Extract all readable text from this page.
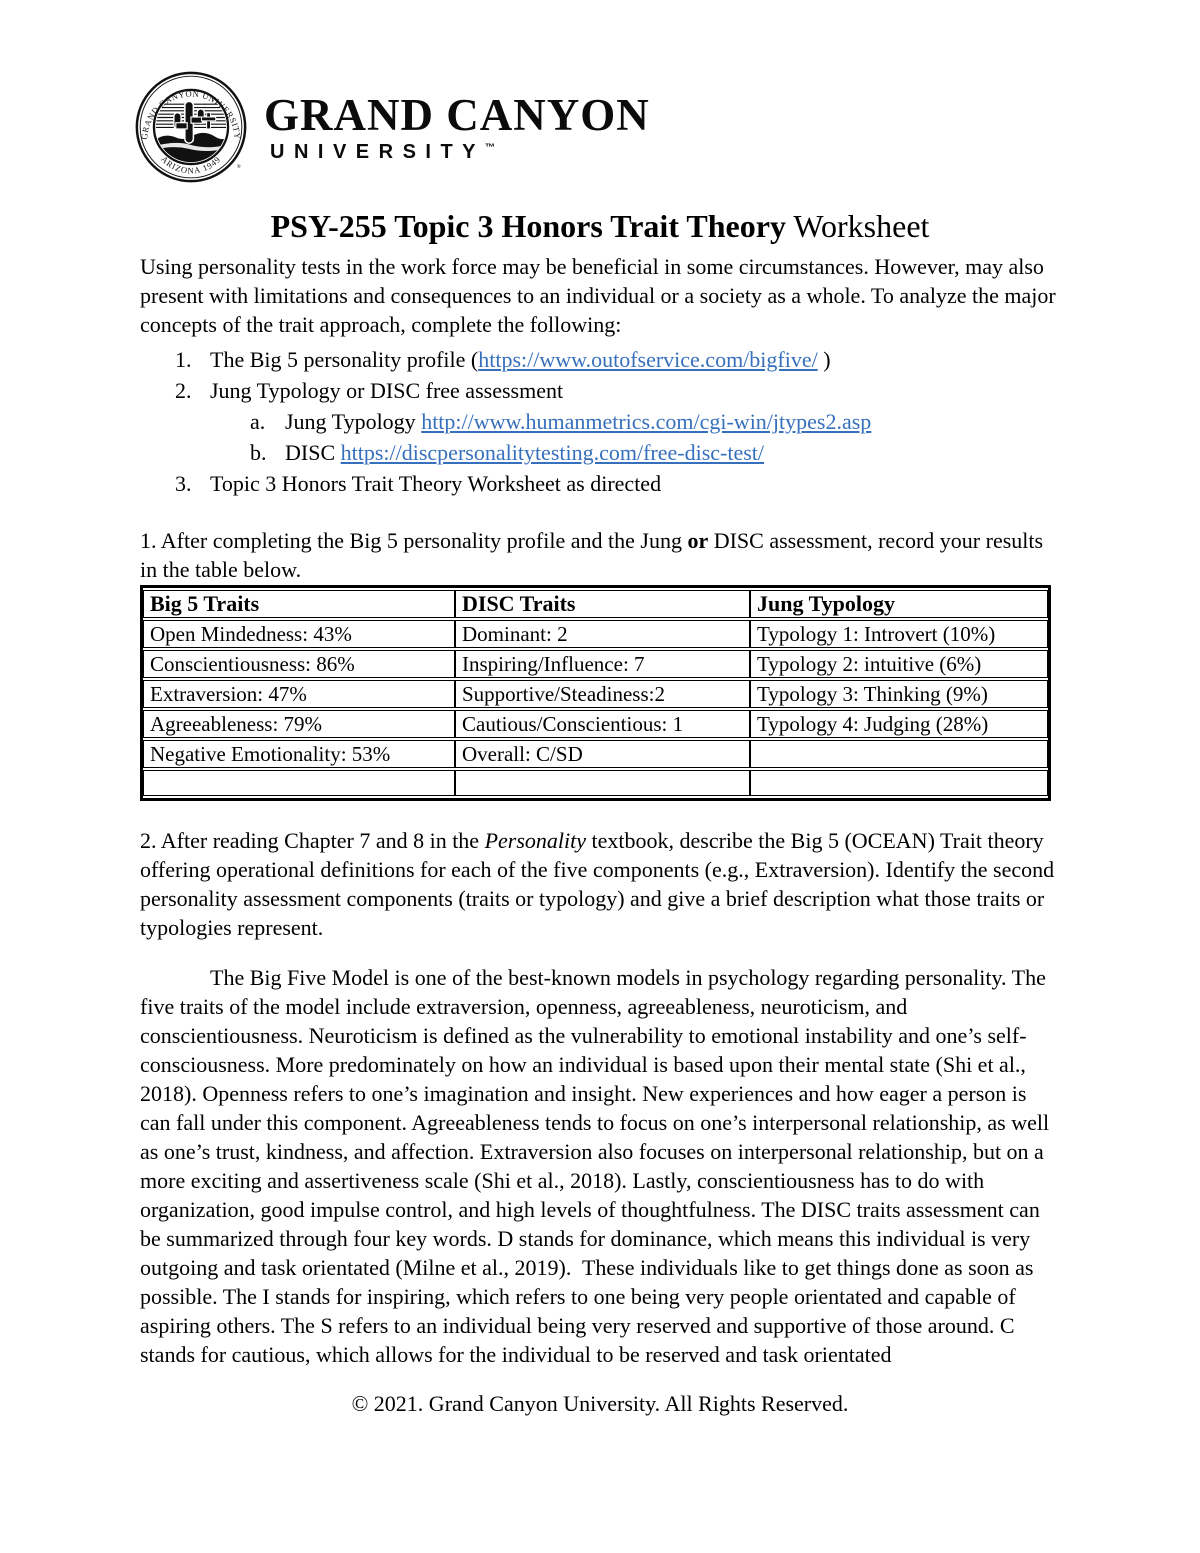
GRAND CANYON UNIVERSITY
ARIZONA 1949
®
GRAND CANYON
UNIVERSITY™
PSY-255 Topic 3 Honors Trait Theory Worksheet

Using personality tests in the work force may be beneficial in some circumstances. However, may also present with limitations and consequences to an individual or a society as a whole. To analyze the major concepts of the trait approach, complete the following:

1. The Big 5 personality profile (https://www.outofservice.com/bigfive/ )
2. Jung Typology or DISC free assessment
a. Jung Typology http://www.humanmetrics.com/cgi-win/jtypes2.asp
b. DISC https://discpersonalitytesting.com/free-disc-test/
3. Topic 3 Honors Trait Theory Worksheet as directed

1. After completing the Big 5 personality profile and the Jung or DISC assessment, record your results in the table below.

Big 5 Traits	DISC Traits	Jung Typology
Open Mindedness: 43%	Dominant: 2	Typology 1: Introvert (10%)
Conscientiousness: 86%	Inspiring/Influence: 7	Typology 2: intuitive (6%)
Extraversion: 47%	Supportive/Steadiness:2	Typology 3: Thinking (9%)
Agreeableness: 79%	Cautious/Conscientious: 1	Typology 4: Judging (28%)
Negative Emotionality: 53%	Overall: C/SD	

2. After reading Chapter 7 and 8 in the Personality textbook, describe the Big 5 (OCEAN) Trait theory offering operational definitions for each of the five components (e.g., Extraversion). Identify the second personality assessment components (traits or typology) and give a brief description what those traits or typologies represent.

The Big Five Model is one of the best-known models in psychology regarding personality. The five traits of the model include extraversion, openness, agreeableness, neuroticism, and conscientiousness. Neuroticism is defined as the vulnerability to emotional instability and one’s self-consciousness. More predominately on how an individual is based upon their mental state (Shi et al., 2018). Openness refers to one’s imagination and insight. New experiences and how eager a person is can fall under this component. Agreeableness tends to focus on one’s interpersonal relationship, as well as one’s trust, kindness, and affection. Extraversion also focuses on interpersonal relationship, but on a more exciting and assertiveness scale (Shi et al., 2018). Lastly, conscientiousness has to do with organization, good impulse control, and high levels of thoughtfulness. The DISC traits assessment can be summarized through four key words. D stands for dominance, which means this individual is very outgoing and task orientated (Milne et al., 2019).  These individuals like to get things done as soon as possible. The I stands for inspiring, which refers to one being very people orientated and capable of aspiring others. The S refers to an individual being very reserved and supportive of those around. C stands for cautious, which allows for the individual to be reserved and task orientated

© 2021. Grand Canyon University. All Rights Reserved.
